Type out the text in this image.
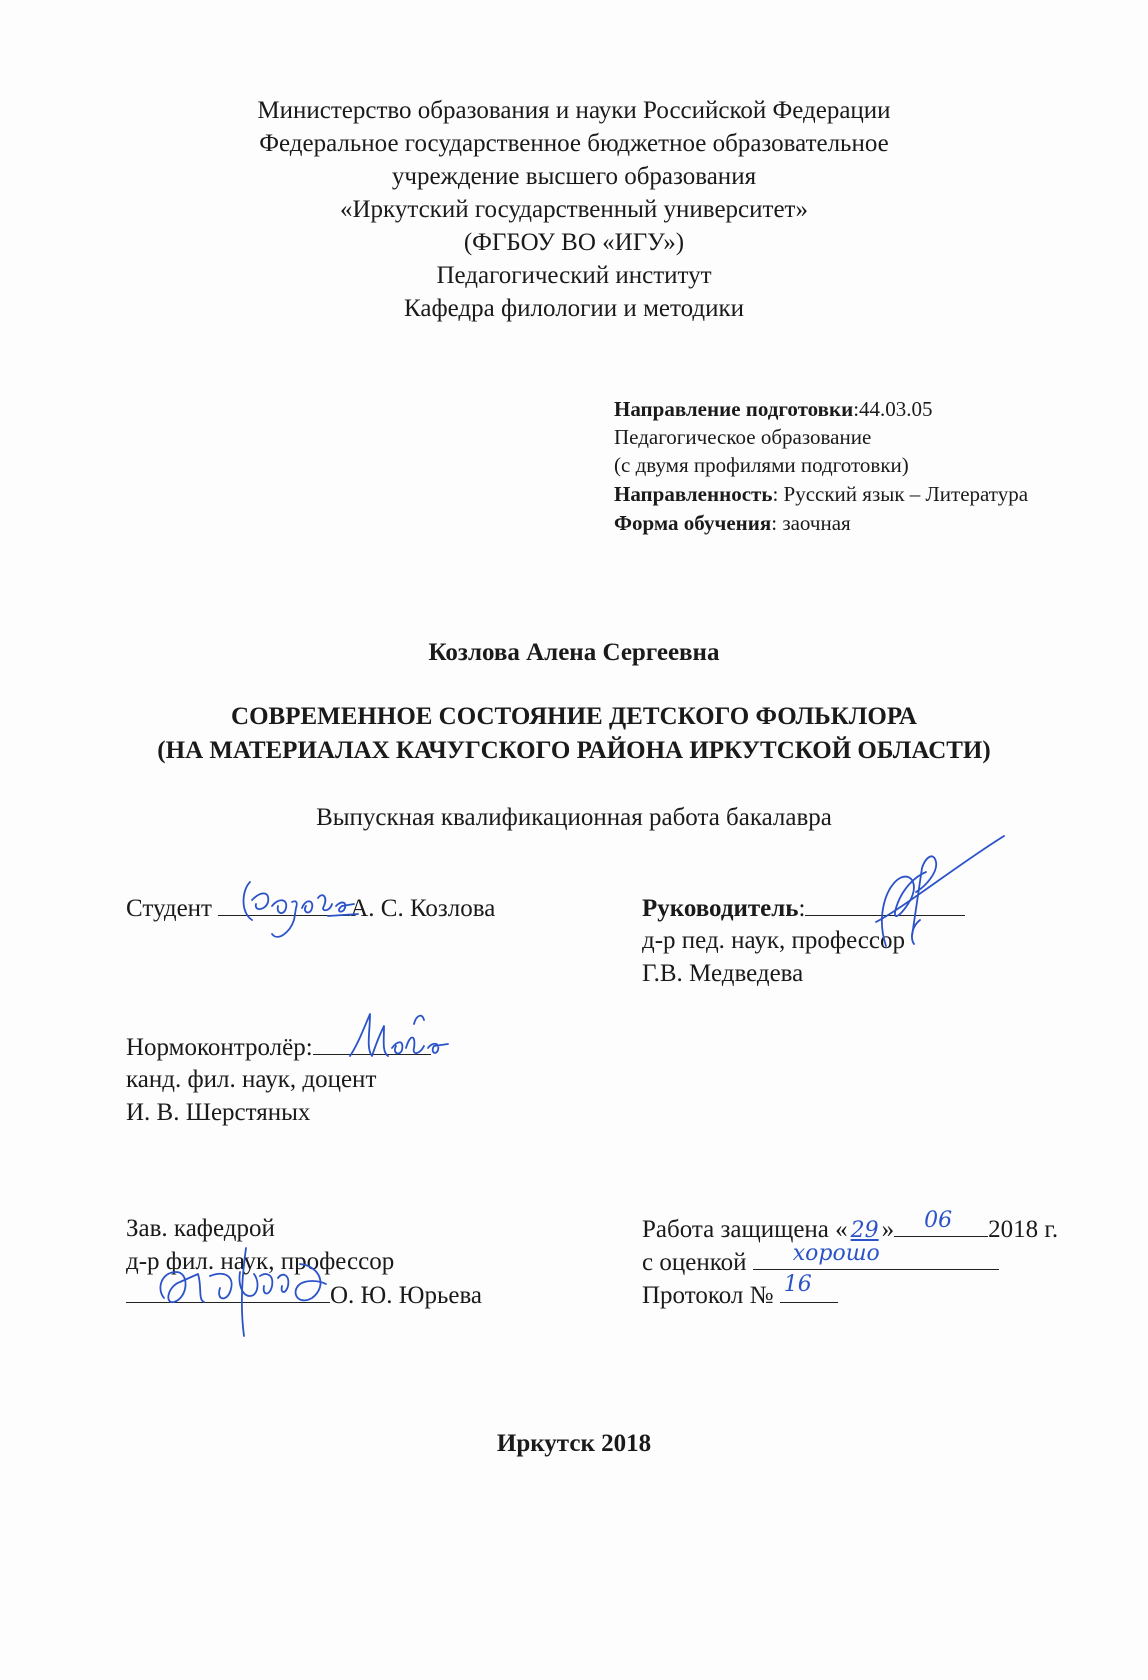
Министерство образования и науки Российской Федерации
Федеральное государственное бюджетное образовательное
учреждение высшего образования
«Иркутский государственный университет»
(ФГБОУ ВО «ИГУ»)
Педагогический институт
Кафедра филологии и методики
Направление подготовки:44.03.05
Педагогическое образование
(с двумя профилями подготовки)
Направленность: Русский язык – Литература
Форма обучения: заочная
Козлова Алена Сергеевна
СОВРЕМЕННОЕ СОСТОЯНИЕ ДЕТСКОГО ФОЛЬКЛОРА
(НА МАТЕРИАЛАХ КАЧУГСКОГО РАЙОНА ИРКУТСКОЙ ОБЛАСТИ)
Выпускная квалификационная работа бакалавра
Студент	А. С. Козлова	Руководитель:
д-р пед. наук, профессор
Г.В. Медведева
Нормоконтролёр:
канд. фил. наук, доцент
И. В. Шерстяных
Зав. кафедрой
д-р фил. наук, профессор
О. Ю. Юрьева
Работа защищена « 29 » 06 2018 г.
с оценкой хорошо
Протокол № 16
Иркутск 2018
